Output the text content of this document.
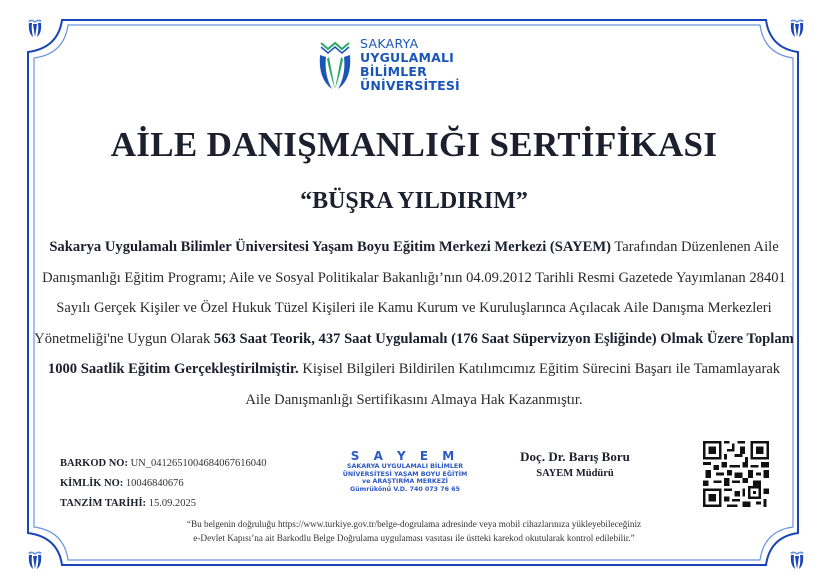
SAKARYA
UYGULAMALI BİLİMLER
ÜNİVERSİTESİ
AİLE DANIŞMANLIĞI SERTİFİKASI
“BÜŞRA YILDIRIM”
Sakarya Uygulamalı Bilimler Üniversitesi Yaşam Boyu Eğitim Merkezi Merkezi (SAYEM) Tarafından Düzenlenen Aile Danışmanlığı Eğitim Programı; Aile ve Sosyal Politikalar Bakanlığı’nın 04.09.2012 Tarihli Resmi Gazetede Yayımlanan 28401 Sayılı Gerçek Kişiler ve Özel Hukuk Tüzel Kişileri ile Kamu Kurum ve Kuruluşlarınca Açılacak Aile Danışma Merkezleri Yönetmeliği'ne Uygun Olarak 563 Saat Teorik, 437 Saat Uygulamalı (176 Saat Süpervizyon Eşliğinde) Olmak Üzere Toplam 1000 Saatlik Eğitim Gerçekleştirilmiştir. Kişisel Bilgileri Bildirilen Katılımcımız Eğitim Sürecini Başarı ile Tamamlayarak Aile Danışmanlığı Sertifikasını Almaya Hak Kazanmıştır.
BARKOD NO: UN_04126510046840676160​40
KİMLİK NO: 10046840676
TANZİM TARİHİ: 15.09.2025
S A Y E M
SAKARYA UYGULAMALI BİLİMLER
ÜNİVERSİTESİ YAŞAM BOYU EĞİTİM
ve ARAŞTIRMA MERKEZİ
Gümrükönü V.D. 740 073 76 65
Doç. Dr. Barış Boru
SAYEM Müdürü
“Bu belgenin doğruluğu https://www.turkiye.gov.tr/belge-dogrulama adresinde veya mobil cihazlarınıza yükleyebileceğiniz
e-Devlet Kapısı’na ait Barkodlu Belge Doğrulama uygulaması vasıtası ile üstteki karekod okutularak kontrol edilebilir.”
